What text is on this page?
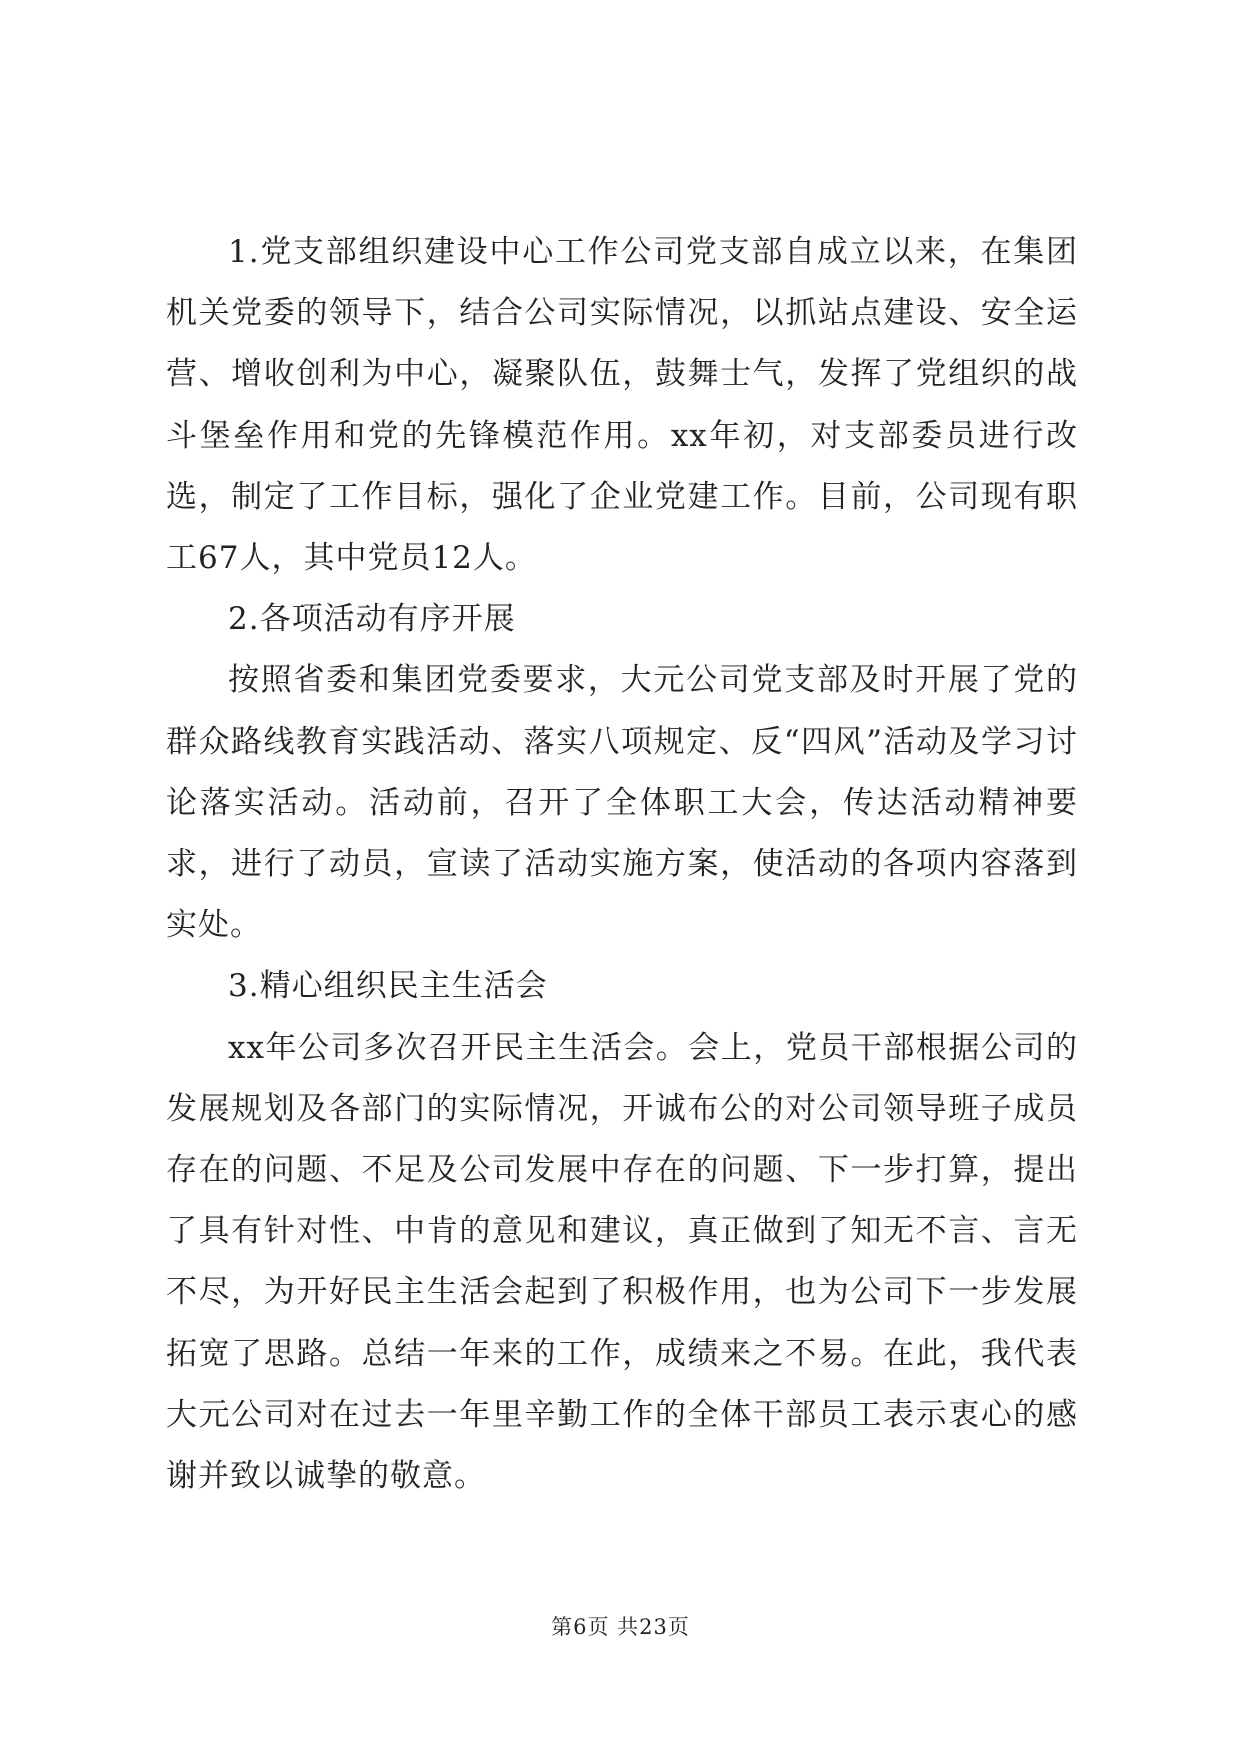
1.党支部组织建设中心工作公司党支部自成立以来，在集团机关党委的领导下，结合公司实际情况，以抓站点建设、安全运营、增收创利为中心，凝聚队伍，鼓舞士气，发挥了党组织的战斗堡垒作用和党的先锋模范作用。xx年初，对支部委员进行改选，制定了工作目标，强化了企业党建工作。目前，公司现有职工67人，其中党员12人。

2.各项活动有序开展

按照省委和集团党委要求，大元公司党支部及时开展了党的群众路线教育实践活动、落实八项规定、反“四风”活动及学习讨论落实活动。活动前，召开了全体职工大会，传达活动精神要求，进行了动员，宣读了活动实施方案，使活动的各项内容落到实处。

3.精心组织民主生活会

xx年公司多次召开民主生活会。会上，党员干部根据公司的发展规划及各部门的实际情况，开诚布公的对公司领导班子成员存在的问题、不足及公司发展中存在的问题、下一步打算，提出了具有针对性、中肯的意见和建议，真正做到了知无不言、言无不尽，为开好民主生活会起到了积极作用，也为公司下一步发展拓宽了思路。总结一年来的工作，成绩来之不易。在此，我代表大元公司对在过去一年里辛勤工作的全体干部员工表示衷心的感谢并致以诚挚的敬意。

第6页 共23页
